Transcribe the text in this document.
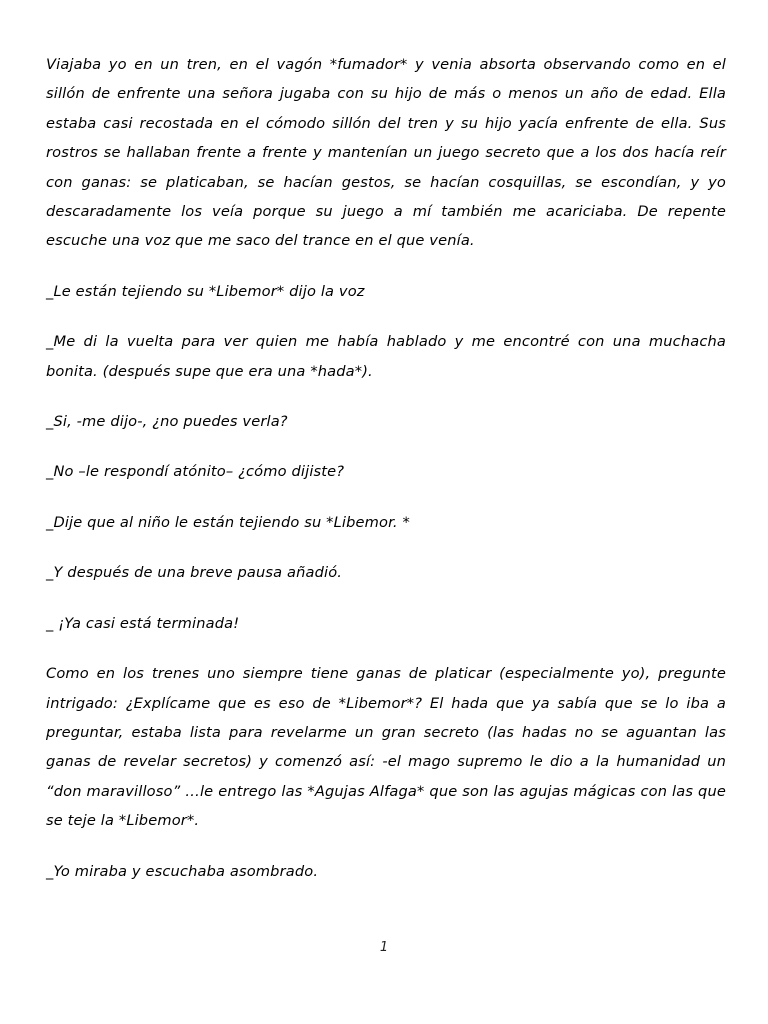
Viajaba yo en un tren, en el vagón *fumador* y venia absorta observando como en el sillón de enfrente una señora jugaba con su hijo de más o menos un año de edad. Ella estaba casi recostada en el cómodo sillón del tren y su hijo yacía enfrente de ella. Sus rostros se hallaban frente a frente y mantenían un juego secreto que a los dos hacía reír con ganas: se platicaban, se hacían gestos, se hacían cosquillas, se escondían, y yo descaradamente los veía porque su juego a mí también me acariciaba. De repente escuche una voz que me saco del trance en el que venía.

_Le están tejiendo su *Libemor* dijo la voz

_Me di la vuelta para ver quien me había hablado y me encontré con una muchacha bonita. (después supe que era una *hada*).

_Si, -me dijo-, ¿no puedes verla?

_No –le respondí atónito– ¿cómo dijiste?

_Dije que al niño le están tejiendo su *Libemor. *

_Y después de una breve pausa añadió.

_ ¡Ya casi está terminada!

Como en los trenes uno siempre tiene ganas de platicar (especialmente yo), pregunte intrigado: ¿Explícame que es eso de *Libemor*? El hada que ya sabía que se lo iba a preguntar, estaba lista para revelarme un gran secreto (las hadas no se aguantan las ganas de revelar secretos) y comenzó así: -el mago supremo le dio a la humanidad un “don maravilloso” …le entrego las *Agujas Alfaga* que son las agujas mágicas con las que se teje la *Libemor*.

_Yo miraba y escuchaba asombrado.

1
